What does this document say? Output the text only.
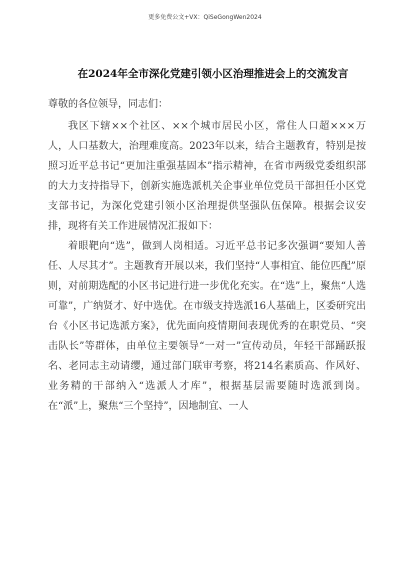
更多免费公文+VX：QiSeGongWen2024
在2024年全市深化党建引领小区治理推进会上的交流发言
尊敬的各位领导，同志们：

我区下辖××个社区、××个城市居民小区，常住人口超×××万人，人口基数大，治理难度高。2023年以来，结合主题教育，特别是按照习近平总书记“更加注重强基固本”指示精神，在省市两级党委组织部的大力支持指导下，创新实施选派机关企事业单位党员干部担任小区党支部书记，为深化党建引领小区治理提供坚强队伍保障。根据会议安排，现将有关工作进展情况汇报如下：

着眼靶向“选”，做到人岗相适。习近平总书记多次强调“要知人善任、人尽其才”。主题教育开展以来，我们坚持“人事相宜、能位匹配”原则，对前期选配的小区书记进行进一步优化充实。在“选”上，聚焦“人选可靠”，广纳贤才、好中选优。在市级支持选派16人基础上，区委研究出台《小区书记选派方案》，优先面向疫情期间表现优秀的在职党员、“突击队长”等群体，由单位主要领导“一对一”宣传动员，年轻干部踊跃报名、老同志主动请缨，通过部门联审考察，将214名素质高、作风好、业务精的干部纳入“选派人才库”，根据基层需要随时选派到岗。在“派”上，聚焦“三个坚持”，因地制宜、一人
